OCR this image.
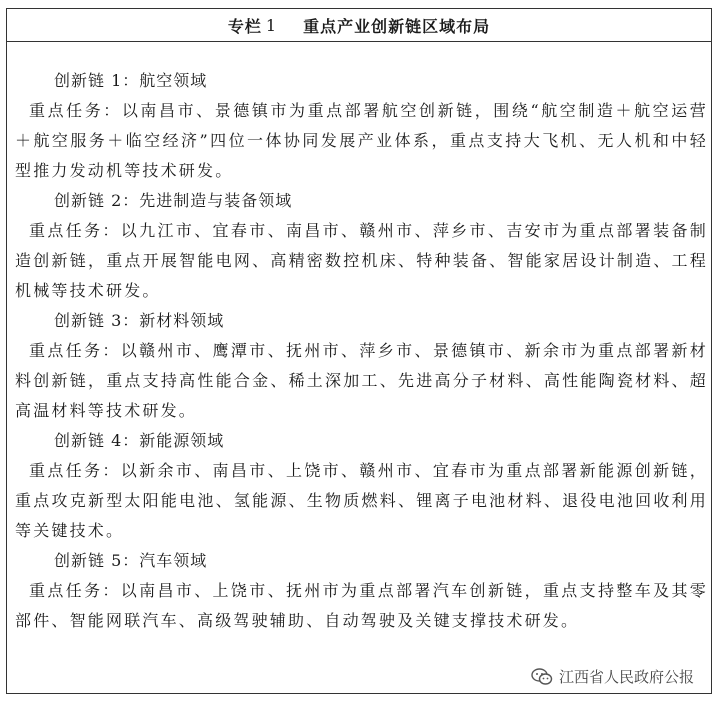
专栏 1 重点产业创新链区域布局
创新链 1：航空领域
重点任务：以南昌市、景德镇市为重点部署航空创新链，围绕“航空制造＋航空运营＋航空服务＋临空经济”四位一体协同发展产业体系，重点支持大飞机、无人机和中轻型推力发动机等技术研发。
创新链 2：先进制造与装备领域
重点任务：以九江市、宜春市、南昌市、赣州市、萍乡市、吉安市为重点部署装备制造创新链，重点开展智能电网、高精密数控机床、特种装备、智能家居设计制造、工程机械等技术研发。
创新链 3：新材料领域
重点任务：以赣州市、鹰潭市、抚州市、萍乡市、景德镇市、新余市为重点部署新材料创新链，重点支持高性能合金、稀土深加工、先进高分子材料、高性能陶瓷材料、超高温材料等技术研发。
创新链 4：新能源领域
重点任务：以新余市、南昌市、上饶市、赣州市、宜春市为重点部署新能源创新链，重点攻克新型太阳能电池、氢能源、生物质燃料、锂离子电池材料、退役电池回收利用等关键技术。
创新链 5：汽车领域
重点任务：以南昌市、上饶市、抚州市为重点部署汽车创新链，重点支持整车及其零部件、智能网联汽车、高级驾驶辅助、自动驾驶及关键支撑技术研发。
江西省人民政府公报
